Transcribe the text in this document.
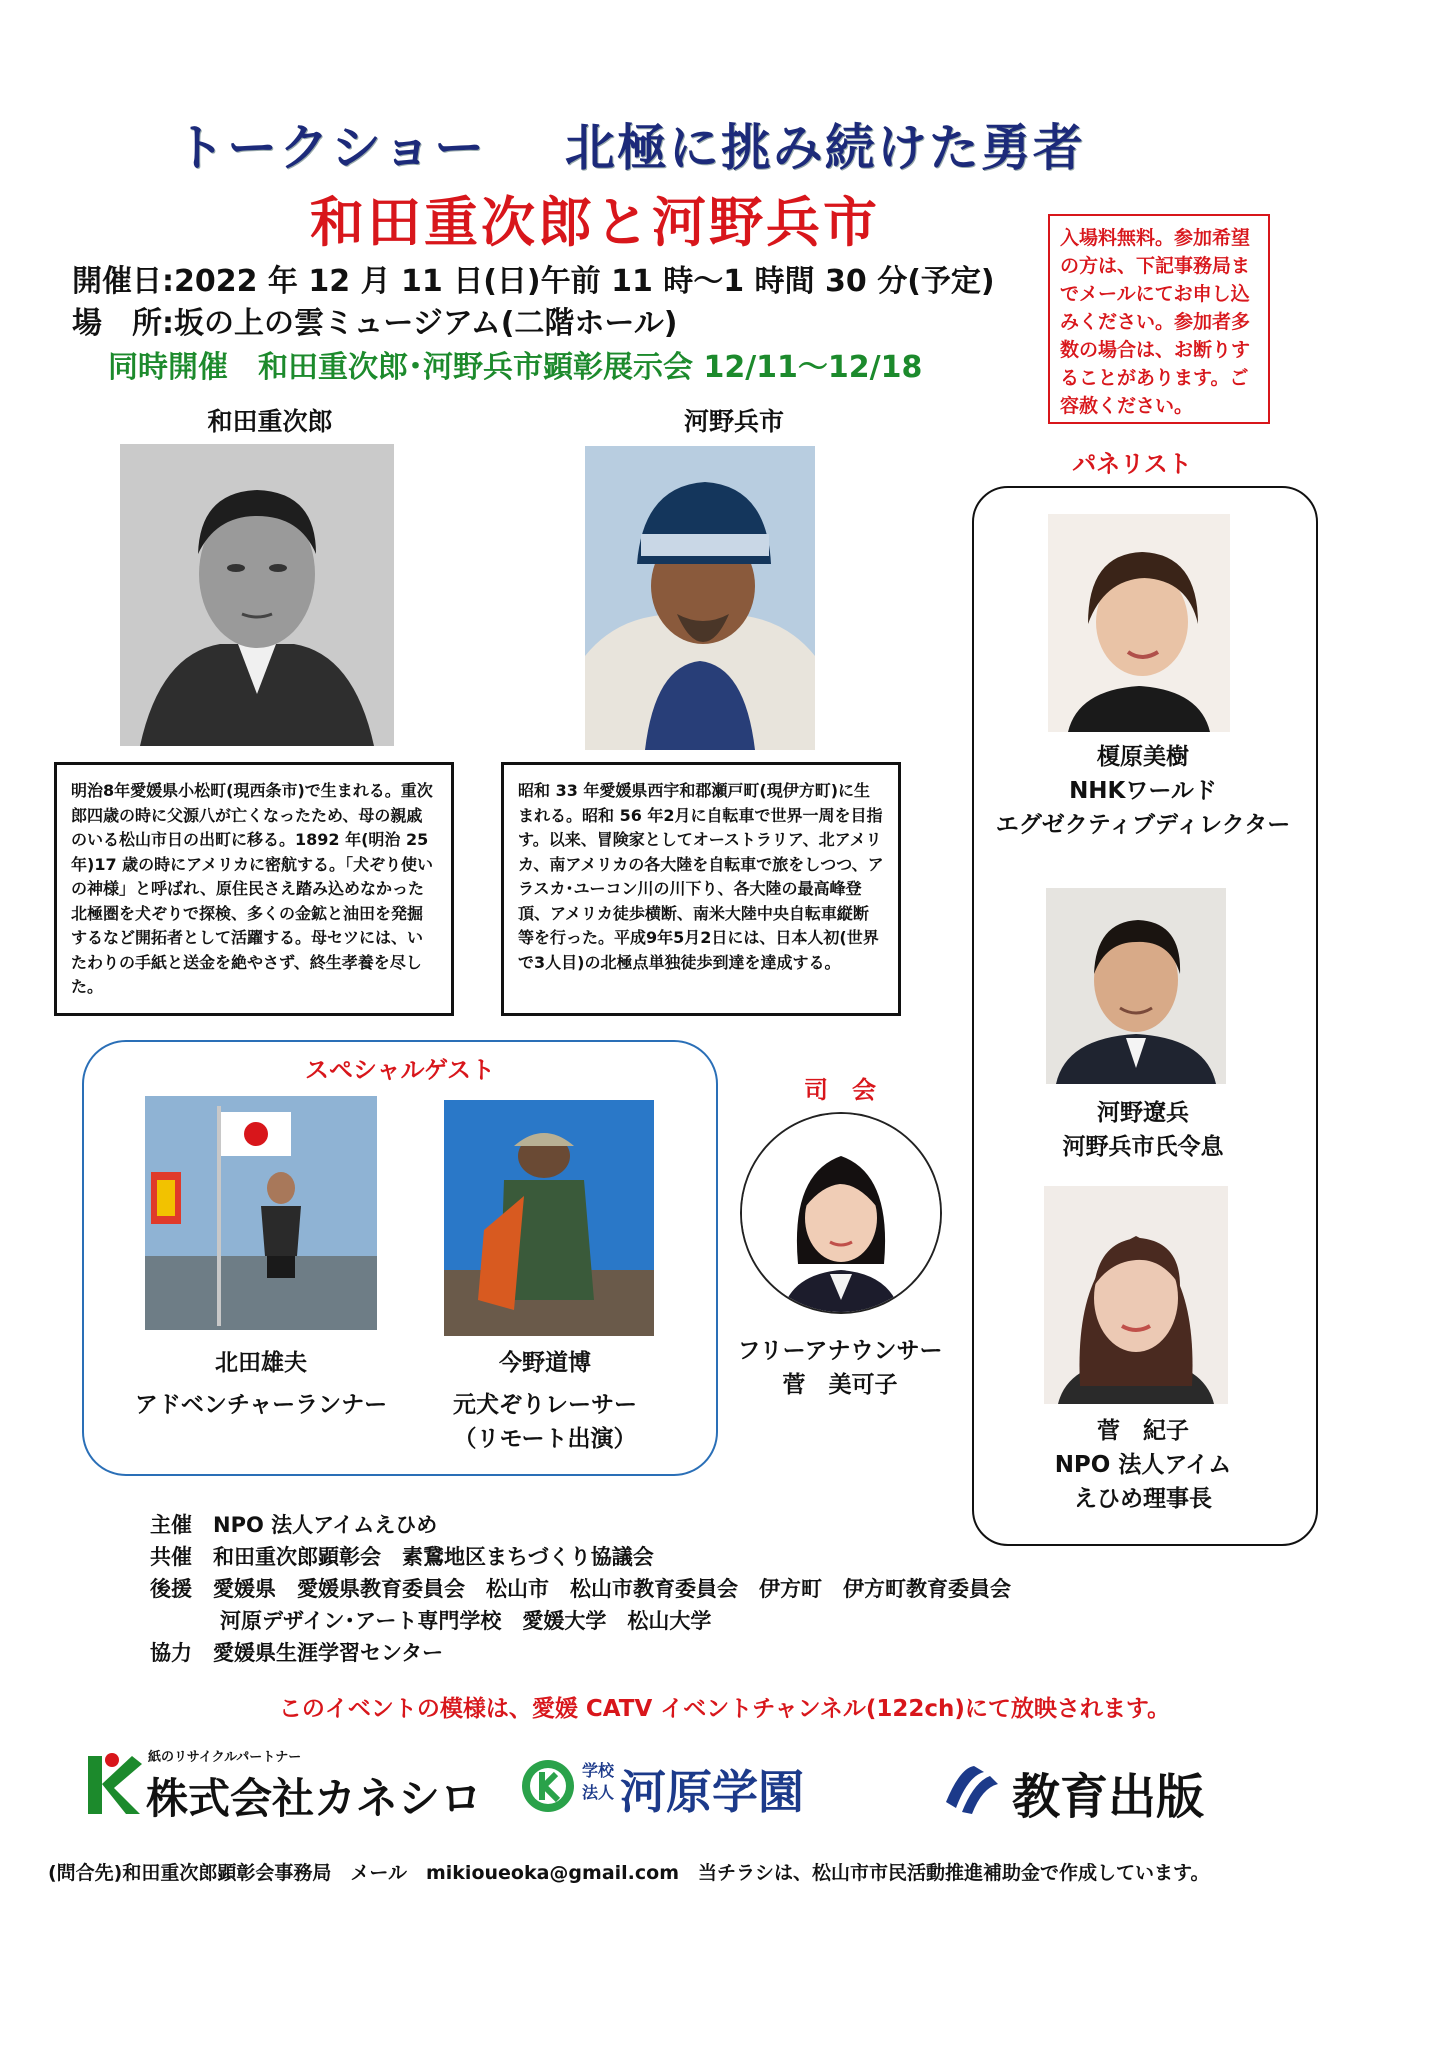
トークショー 北極に挑み続けた勇者
和田重次郎と河野兵市
開催日:2022 年 12 月 11 日(日)午前 11 時～1 時間 30 分(予定)
場　所:坂の上の雲ミュージアム(二階ホール)
同時開催　和田重次郎･河野兵市顕彰展示会 12/11～12/18
入場料無料。参加希望の方は、下記事務局までメールにてお申し込みください。参加者多数の場合は、お断りすることがあります。ご容赦ください。
和田重次郎
明治8年愛媛県小松町(現西条市)で生まれる。重次郎四歳の時に父源八が亡くなったため、母の親戚のいる松山市日の出町に移る。1892 年(明治 25 年)17 歳の時にアメリカに密航する。「犬ぞり使いの神様」と呼ばれ、原住民さえ踏み込めなかった北極圏を犬ぞりで探検、多くの金鉱と油田を発掘するなど開拓者として活躍する。母セツには、いたわりの手紙と送金を絶やさず、終生孝養を尽した。
河野兵市
昭和 33 年愛媛県西宇和郡瀬戸町(現伊方町)に生まれる。昭和 56 年2月に自転車で世界一周を目指す。以来、冒険家としてオーストラリア、北アメリカ、南アメリカの各大陸を自転車で旅をしつつ、アラスカ･ユーコン川の川下り、各大陸の最高峰登頂、アメリカ徒歩横断、南米大陸中央自転車縦断等を行った。平成9年5月2日には、日本人初(世界で3人目)の北極点単独徒歩到達を達成する。
パネリスト
榎原美樹
NHKワールド
エグゼクティブディレクター
河野遼兵
河野兵市氏令息
菅　紀子
NPO 法人アイム
えひめ理事長
スペシャルゲスト
北田雄夫
アドベンチャーランナー
今野道博
元犬ぞりレーサー
（リモート出演）
司　会
フリーアナウンサー
菅　美可子
主催　NPO 法人アイムえひめ
共催　和田重次郎顕彰会　素鵞地区まちづくり協議会
後援　愛媛県　愛媛県教育委員会　松山市　松山市教育委員会　伊方町　伊方町教育委員会
河原デザイン･アート専門学校　愛媛大学　松山大学
協力　愛媛県生涯学習センター
このイベントの模様は、愛媛 CATV イベントチャンネル(122ch)にて放映されます。
紙のリサイクルパートナー
株式会社カネシロ
学校
法人 河原学園	教育出版
(問合先)和田重次郎顕彰会事務局　メール　mikioueoka@gmail.com　当チラシは、松山市市民活動推進補助金で作成しています。
